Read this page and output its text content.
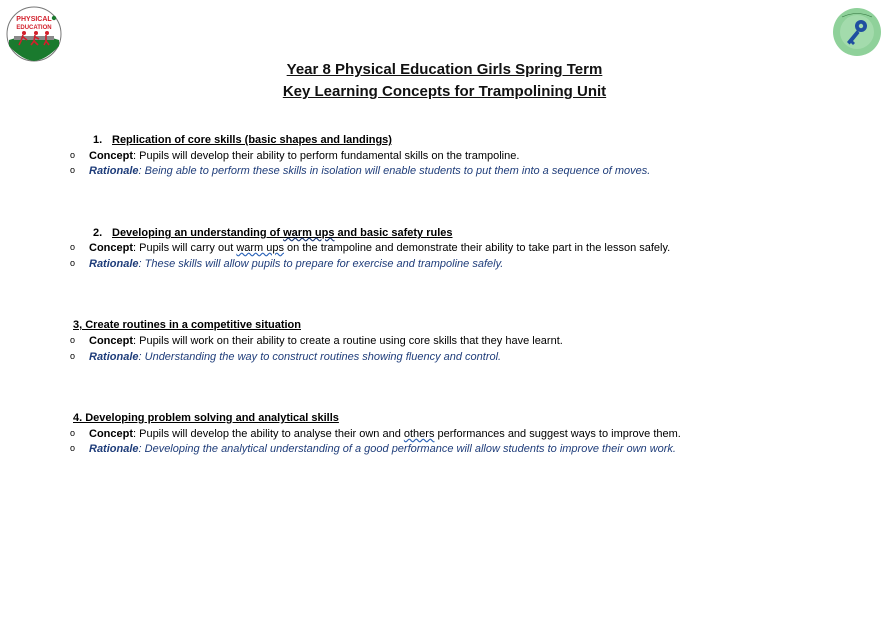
PHYSICAL
EDUCATION
Year 8 Physical Education Girls Spring Term
Key Learning Concepts for Trampolining Unit
1. Replication of core skills (basic shapes and landings)
o Concept: Pupils will develop their ability to perform fundamental skills on the trampoline.
o Rationale: Being able to perform these skills in isolation will enable students to put them into a sequence of moves.
2. Developing an understanding of warm ups and basic safety rules
o Concept: Pupils will carry out warm ups on the trampoline and demonstrate their ability to take part in the lesson safely.
o Rationale: These skills will allow pupils to prepare for exercise and trampoline safely.
3, Create routines in a competitive situation
o Concept: Pupils will work on their ability to create a routine using core skills that they have learnt.
o Rationale: Understanding the way to construct routines showing fluency and control.
4. Developing problem solving and analytical skills
o Concept: Pupils will develop the ability to analyse their own and others performances and suggest ways to improve them.
o Rationale: Developing the analytical understanding of a good performance will allow students to improve their own work.
